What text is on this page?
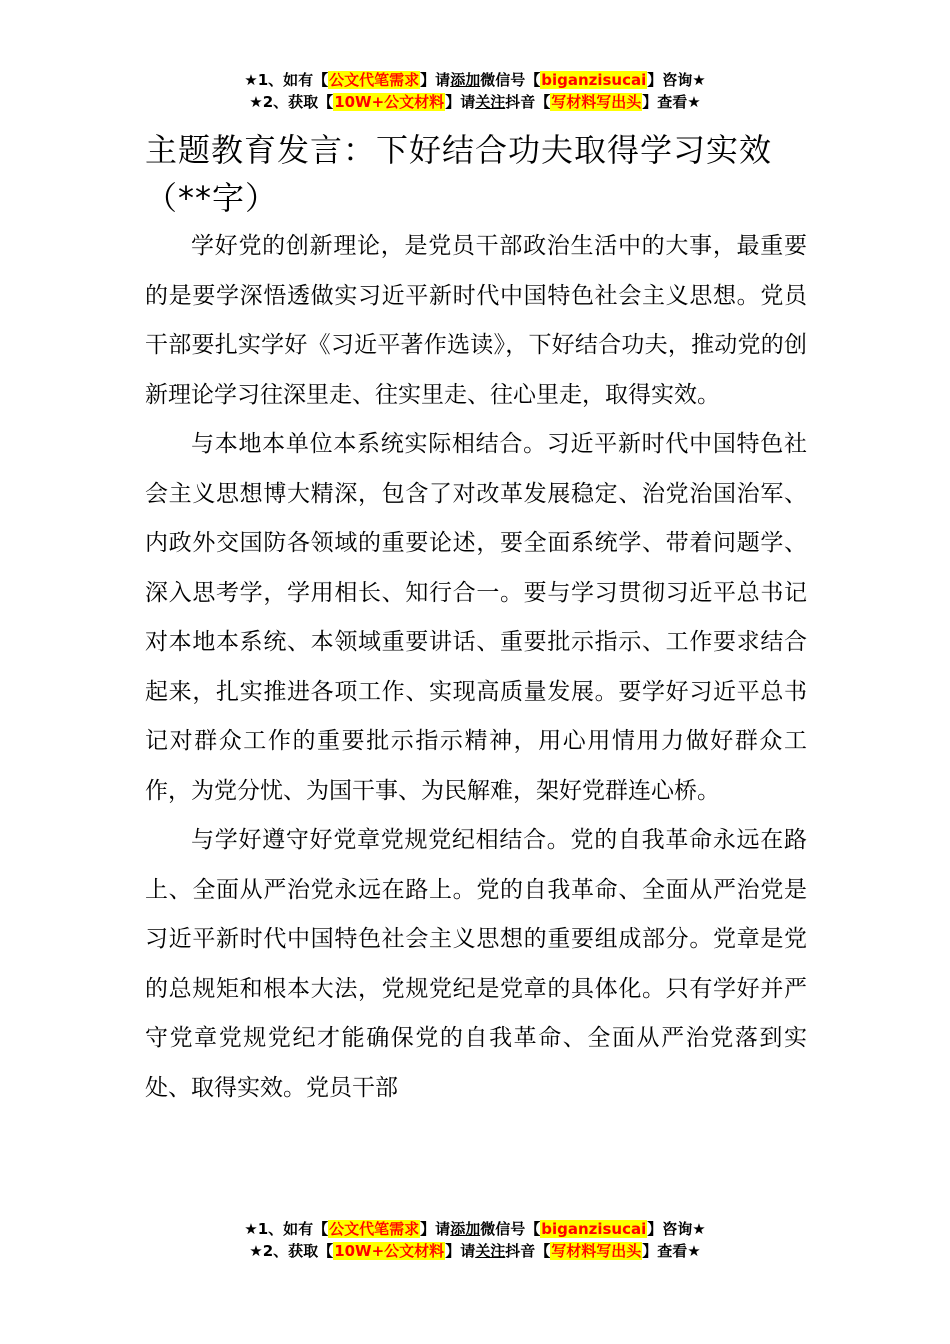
★1、如有【公文代笔需求】请添加微信号【biganzisucai】咨询★
★2、获取【10W+公文材料】请关注抖音【写材料写出头】查看★
主题教育发言：下好结合功夫取得学习实效（**字）

学好党的创新理论，是党员干部政治生活中的大事，最重要的是要学深悟透做实习近平新时代中国特色社会主义思想。党员干部要扎实学好《习近平著作选读》，下好结合功夫，推动党的创新理论学习往深里走、往实里走、往心里走，取得实效。

与本地本单位本系统实际相结合。习近平新时代中国特色社会主义思想博大精深，包含了对改革发展稳定、治党治国治军、内政外交国防各领域的重要论述，要全面系统学、带着问题学、深入思考学，学用相长、知行合一。要与学习贯彻习近平总书记对本地本系统、本领域重要讲话、重要批示指示、工作要求结合起来，扎实推进各项工作、实现高质量发展。要学好习近平总书记对群众工作的重要批示指示精神，用心用情用力做好群众工作，为党分忧、为国干事、为民解难，架好党群连心桥。

与学好遵守好党章党规党纪相结合。党的自我革命永远在路上、全面从严治党永远在路上。党的自我革命、全面从严治党是习近平新时代中国特色社会主义思想的重要组成部分。党章是党的总规矩和根本大法，党规党纪是党章的具体化。只有学好并严守党章党规党纪才能确保党的自我革命、全面从严治党落到实处、取得实效。党员干部

★1、如有【公文代笔需求】请添加微信号【biganzisucai】咨询★
★2、获取【10W+公文材料】请关注抖音【写材料写出头】查看★
